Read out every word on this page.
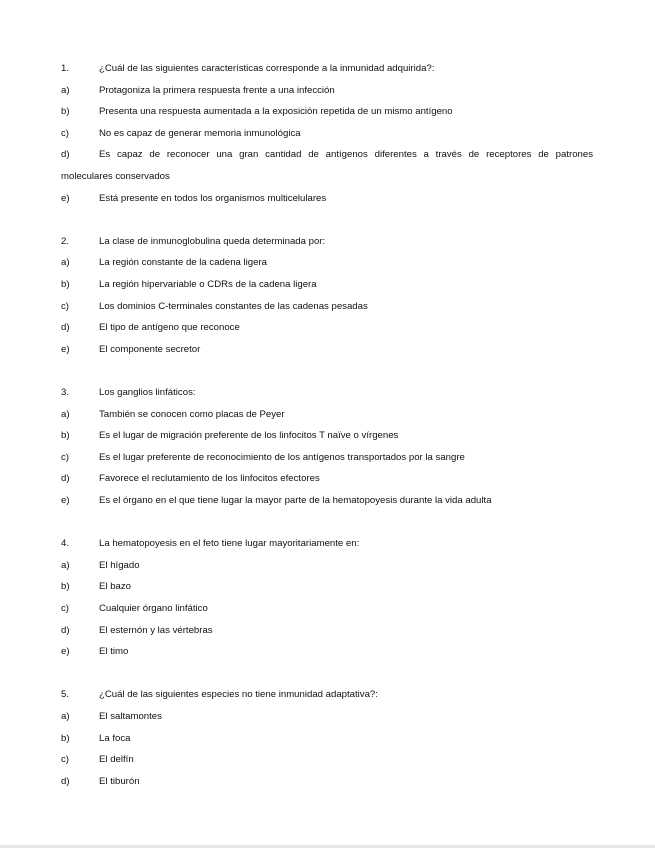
1.	¿Cuál de las siguientes características corresponde a la inmunidad adquirida?:
a)	Protagoniza la primera respuesta frente a una infección
b)	Presenta una respuesta aumentada a la exposición repetida de un mismo antígeno
c)	No es capaz de generar memoria inmunológica
d)	Es capaz de reconocer una gran cantidad de antígenos diferentes a través de receptores de patrones
moleculares conservados
e)	Está presente en todos los organismos multicelulares
2.	La clase de inmunoglobulina queda determinada por:
a)	La región constante de la cadena ligera
b)	La región hipervariable o CDRs de la cadena ligera
c)	Los dominios C-terminales constantes de las cadenas pesadas
d)	El tipo de antígeno que reconoce
e)	El componente secretor
3.	Los ganglios linfáticos:
a)	También se conocen como placas de Peyer
b)	Es el lugar de migración preferente de los linfocitos T naïve o vírgenes
c)	Es el lugar preferente de reconocimiento de los antígenos transportados por la sangre
d)	Favorece el reclutamiento de los linfocitos efectores
e)	Es el órgano en el que tiene lugar la mayor parte de la hematopoyesis durante la vida adulta
4.	La hematopoyesis en el feto tiene lugar mayoritariamente en:
a)	El hígado
b)	El bazo
c)	Cualquier órgano linfático
d)	El esternón y las vértebras
e)	El timo
5.	¿Cuál de las siguientes especies no tiene inmunidad adaptativa?:
a)	El saltamontes
b)	La foca
c)	El delfín
d)	El tiburón
